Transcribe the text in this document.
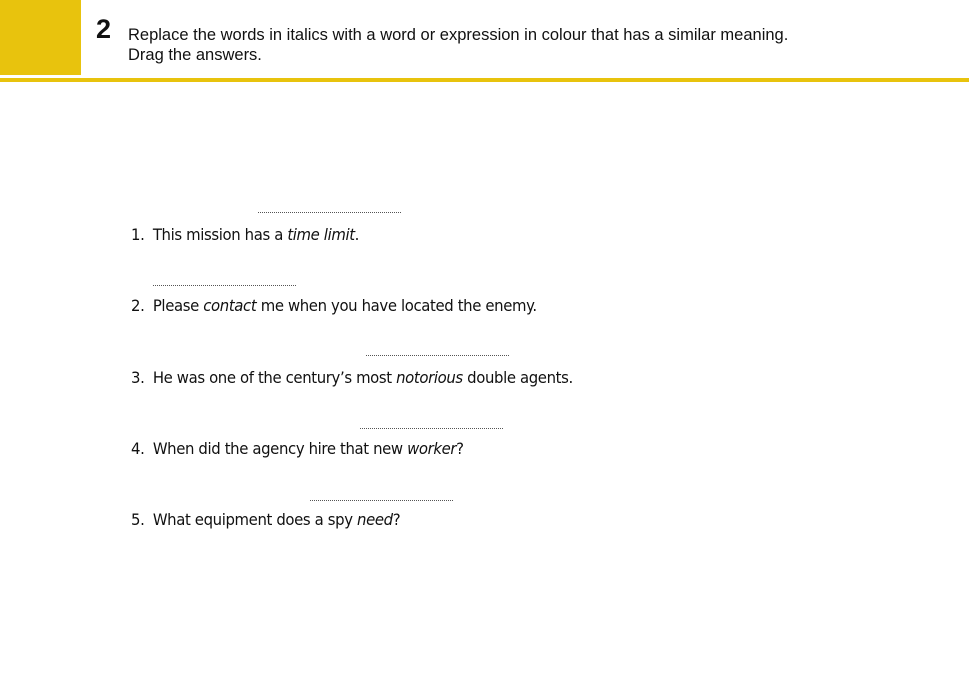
2 Replace the words in italics with a word or expression in colour that has a similar meaning.
Drag the answers.
1. This mission has a time limit.
2. Please contact me when you have located the enemy.
3. He was one of the century’s most notorious double agents.
4. When did the agency hire that new worker?
5. What equipment does a spy need?
